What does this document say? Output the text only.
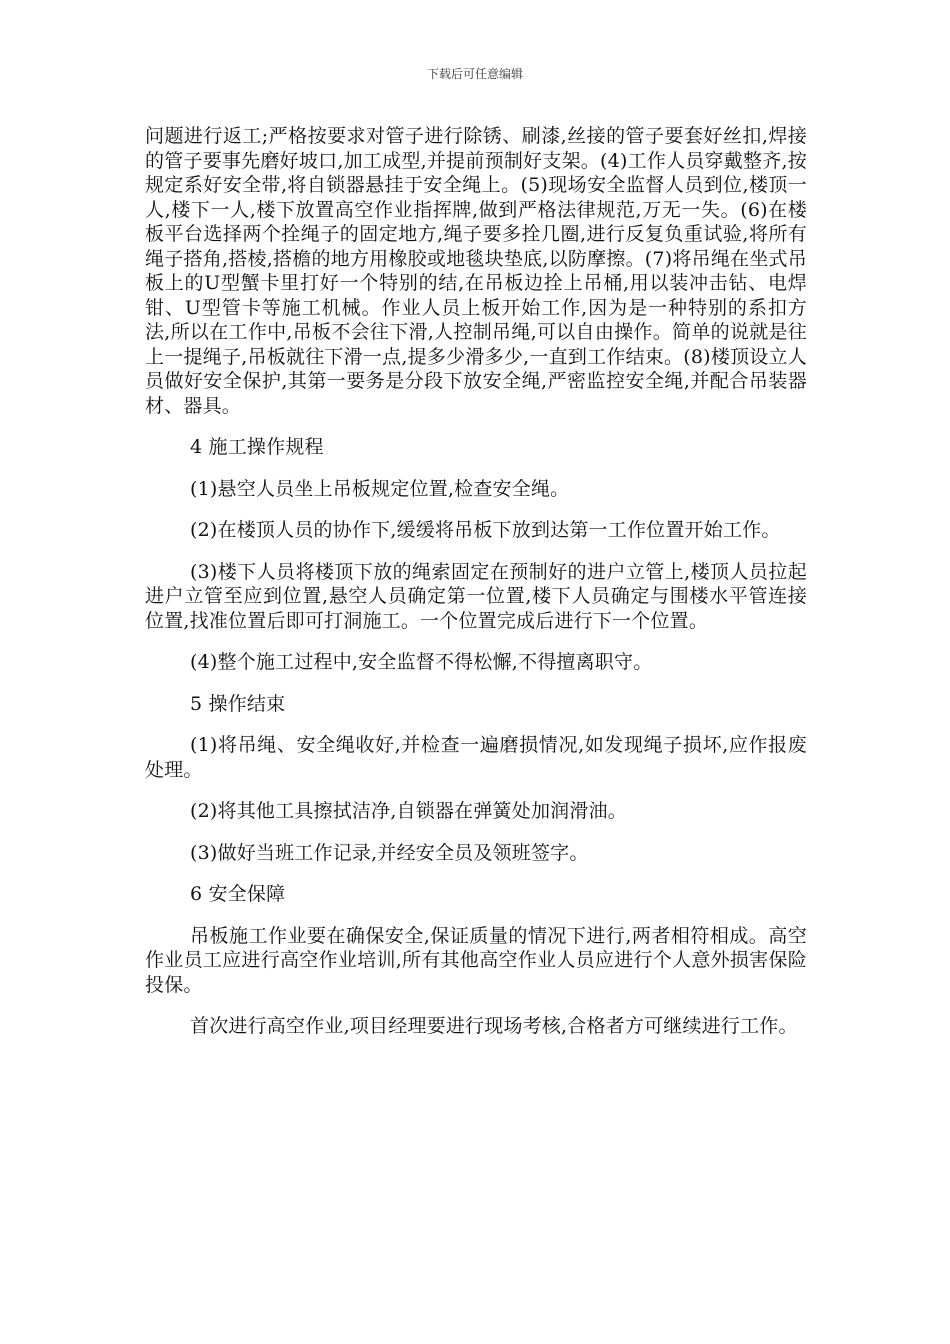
下载后可任意编辑

问题进行返工;严格按要求对管子进行除锈、刷漆,丝接的管子要套好丝扣,焊接的管子要事先磨好坡口,加工成型,并提前预制好支架。(4)工作人员穿戴整齐,按规定系好安全带,将自锁器悬挂于安全绳上。(5)现场安全监督人员到位,楼顶一人,楼下一人,楼下放置高空作业指挥牌,做到严格法律规范,万无一失。(6)在楼板平台选择两个拴绳子的固定地方,绳子要多拴几圈,进行反复负重试验,将所有绳子搭角,搭棱,搭檐的地方用橡胶或地毯块垫底,以防摩擦。(7)将吊绳在坐式吊板上的U型蟹卡里打好一个特别的结,在吊板边拴上吊桶,用以装冲击钻、电焊钳、U型管卡等施工机械。作业人员上板开始工作,因为是一种特别的系扣方法,所以在工作中,吊板不会往下滑,人控制吊绳,可以自由操作。简单的说就是往上一提绳子,吊板就往下滑一点,提多少滑多少,一直到工作结束。(8)楼顶设立人员做好安全保护,其第一要务是分段下放安全绳,严密监控安全绳,并配合吊装器材、器具。

4 施工操作规程

(1)悬空人员坐上吊板规定位置,检查安全绳。

(2)在楼顶人员的协作下,缓缓将吊板下放到达第一工作位置开始工作。

(3)楼下人员将楼顶下放的绳索固定在预制好的进户立管上,楼顶人员拉起进户立管至应到位置,悬空人员确定第一位置,楼下人员确定与围楼水平管连接位置,找准位置后即可打洞施工。一个位置完成后进行下一个位置。

(4)整个施工过程中,安全监督不得松懈,不得擅离职守。

5 操作结束

(1)将吊绳、安全绳收好,并检查一遍磨损情况,如发现绳子损坏,应作报废处理。

(2)将其他工具擦拭洁净,自锁器在弹簧处加润滑油。

(3)做好当班工作记录,并经安全员及领班签字。

6 安全保障

吊板施工作业要在确保安全,保证质量的情况下进行,两者相符相成。高空作业员工应进行高空作业培训,所有其他高空作业人员应进行个人意外损害保险投保。

首次进行高空作业,项目经理要进行现场考核,合格者方可继续进行工作。
